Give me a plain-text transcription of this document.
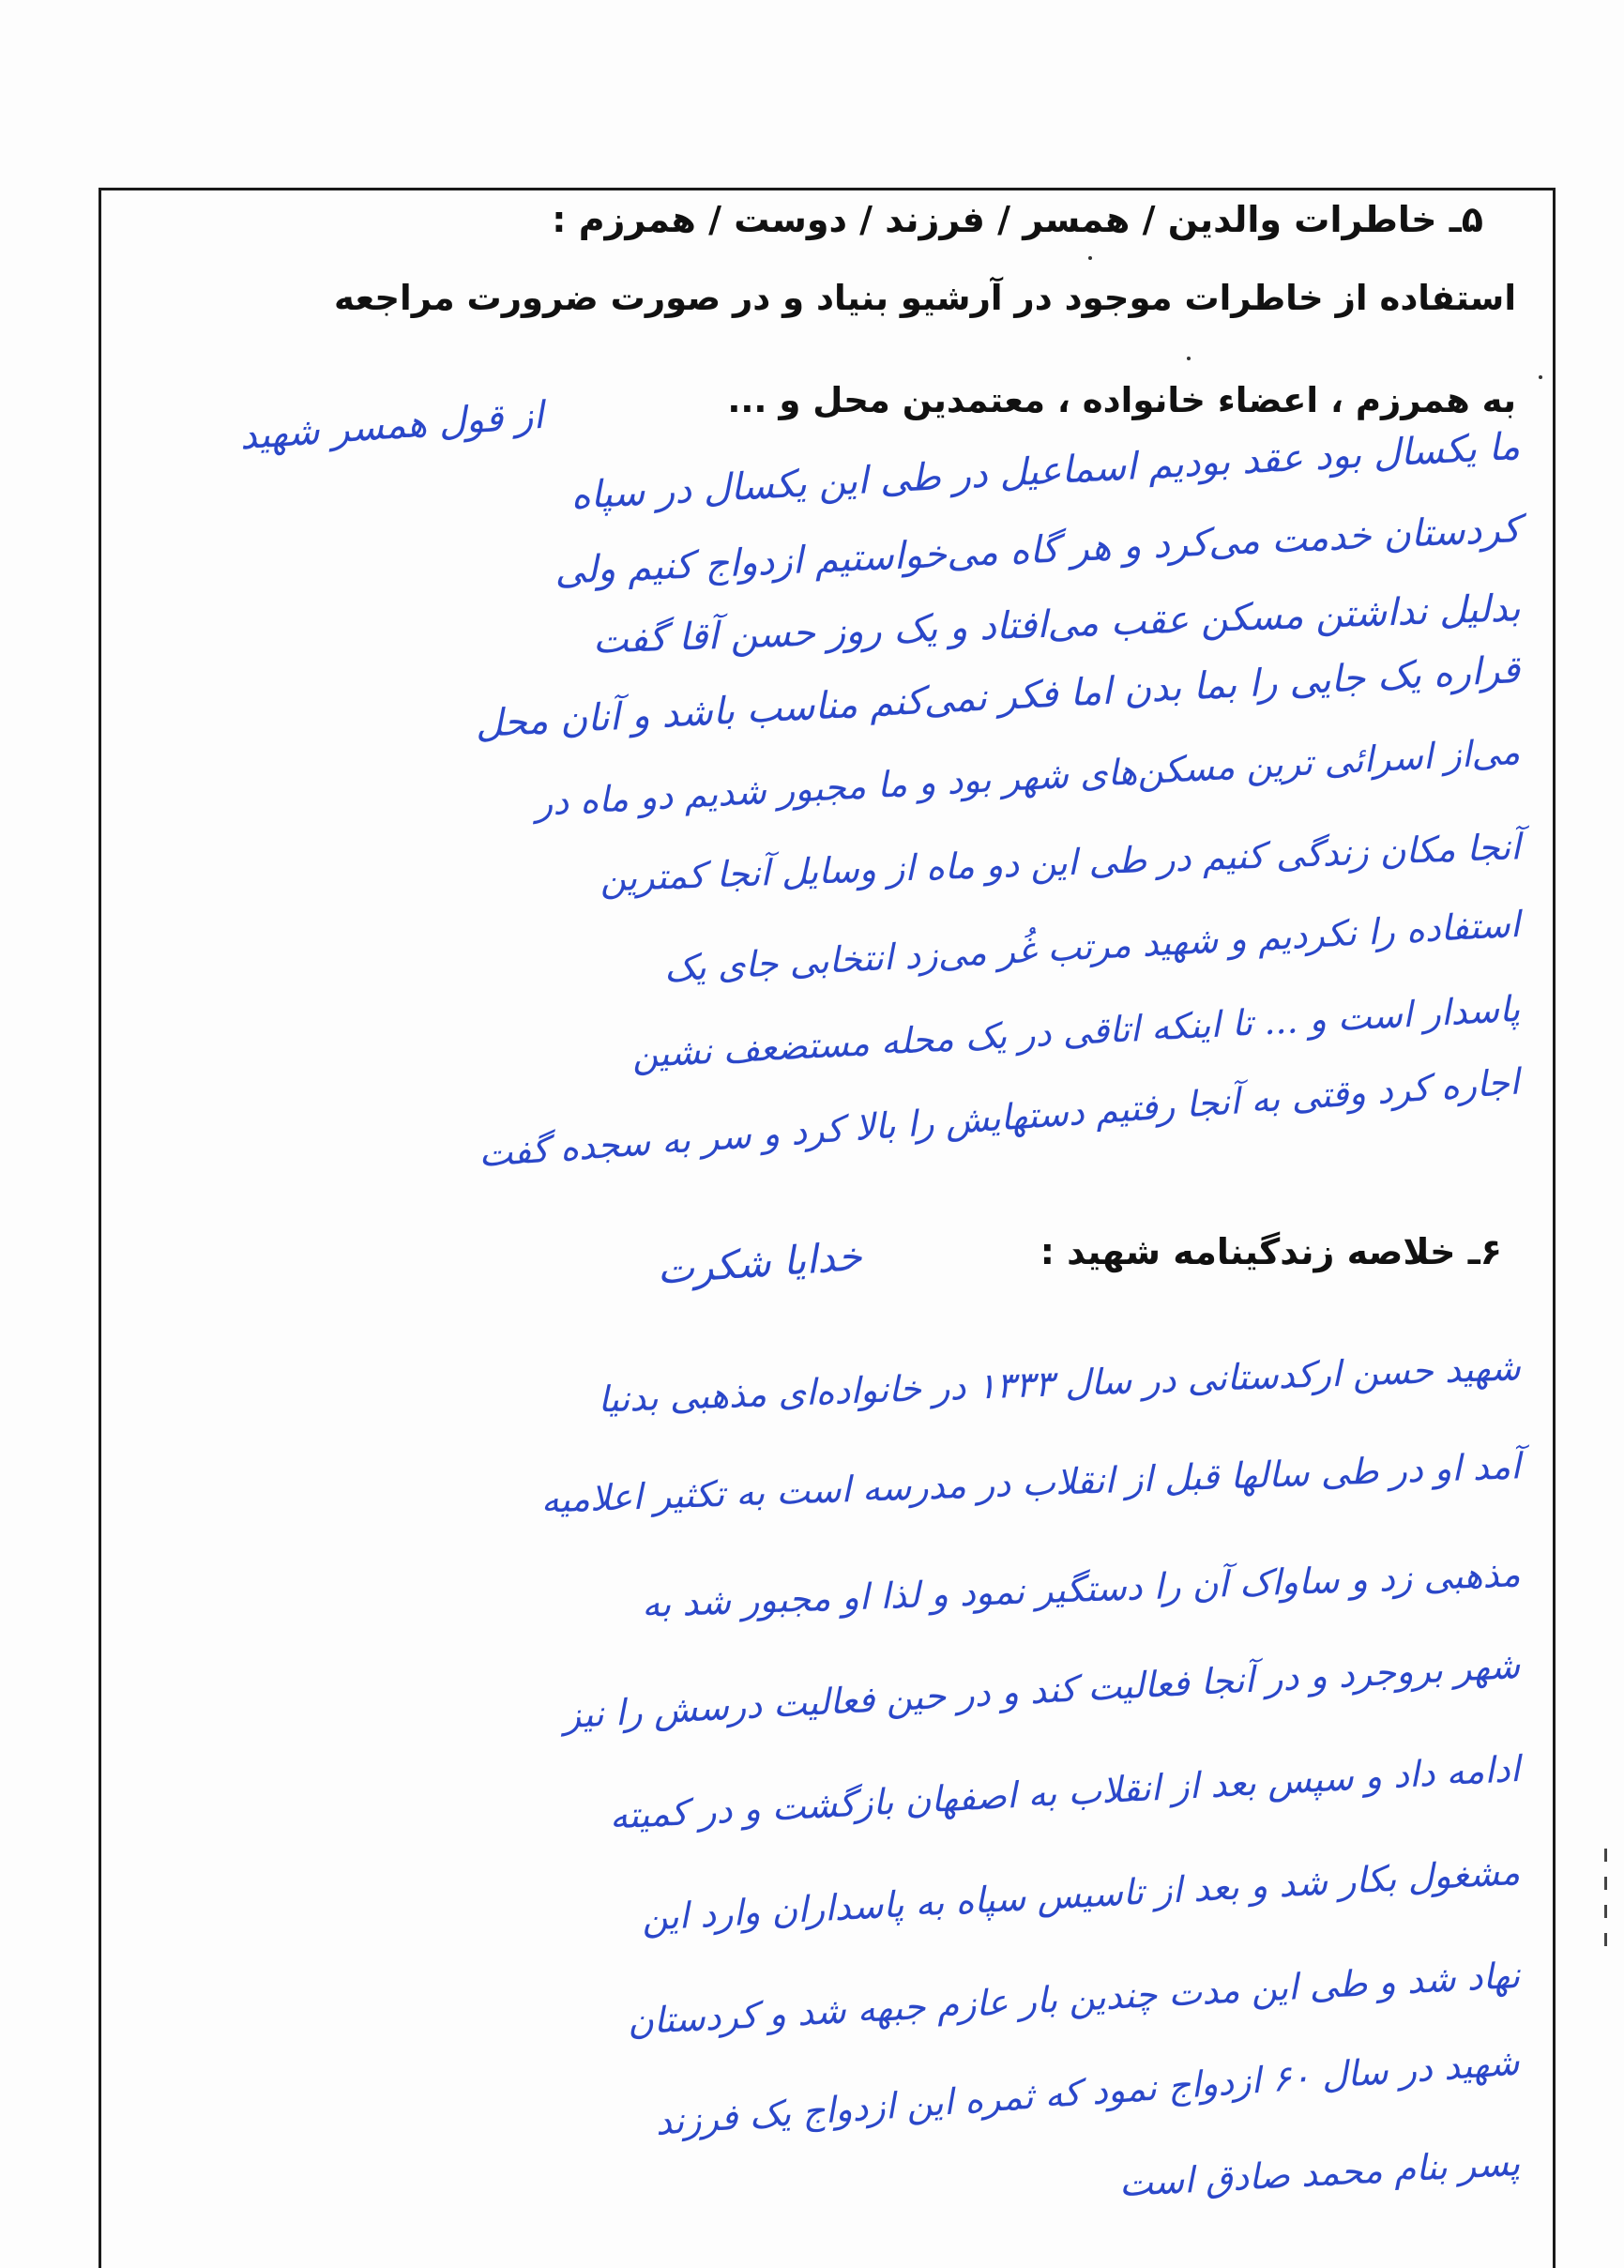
۵ـ خاطرات والدین / همسر / فرزند / دوست / همرزم :
استفاده از خاطرات موجود در آرشیو بنیاد و در صورت ضرورت مراجعه
به همرزم ، اعضاء خانواده ، معتمدین محل و ...
از قول همسر شهید ما یکسال بود عقد بودیم اسماعیل در طی این یکسال در سپاه
کردستان خدمت می‌کرد و هر گاه می‌خواستیم ازدواج کنیم ولی
بدلیل نداشتن مسکن عقب می‌افتاد و یک روز حسن آقا گفت
قراره یک جایی را بما بدن اما فکر نمی‌کنم مناسب باشد و آنان محل
می‌از اسرائی ترین مسکن‌های شهر بود و ما مجبور شدیم دو ماه در
آنجا مکان زندگی کنیم در طی این دو ماه از وسایل آنجا کمترین
استفاده را نکردیم و شهید مرتب غُر می‌زد انتخابی جای یک
پاسدار است و ... تا اینکه اتاقی در یک محله مستضعف نشین
اجاره کرد وقتی به آنجا رفتیم دستهایش را بالا کرد و سر به سجده گفت
خدایا شکرت	۶ـ خلاصه زندگینامه شهید :
شهید حسن ارکدستانی در سال ۱۳۳۳ در خانواده‌ای مذهبی بدنیا
آمد او در طی سالها قبل از انقلاب در مدرسه است به تکثیر اعلامیه
مذهبی زد و ساواک آن را دستگیر نمود و لذا او مجبور شد به
شهر بروجرد و در آنجا فعالیت کند و در حین فعالیت درسش را نیز
ادامه داد و سپس بعد از انقلاب به اصفهان بازگشت و در کمیته
مشغول بکار شد و بعد از تاسیس سپاه به پاسداران وارد این
نهاد شد و طی این مدت چندین بار عازم جبهه شد و کردستان
شهید در سال ۶۰ ازدواج نمود که ثمره این ازدواج یک فرزند
پسر بنام محمد صادق است
